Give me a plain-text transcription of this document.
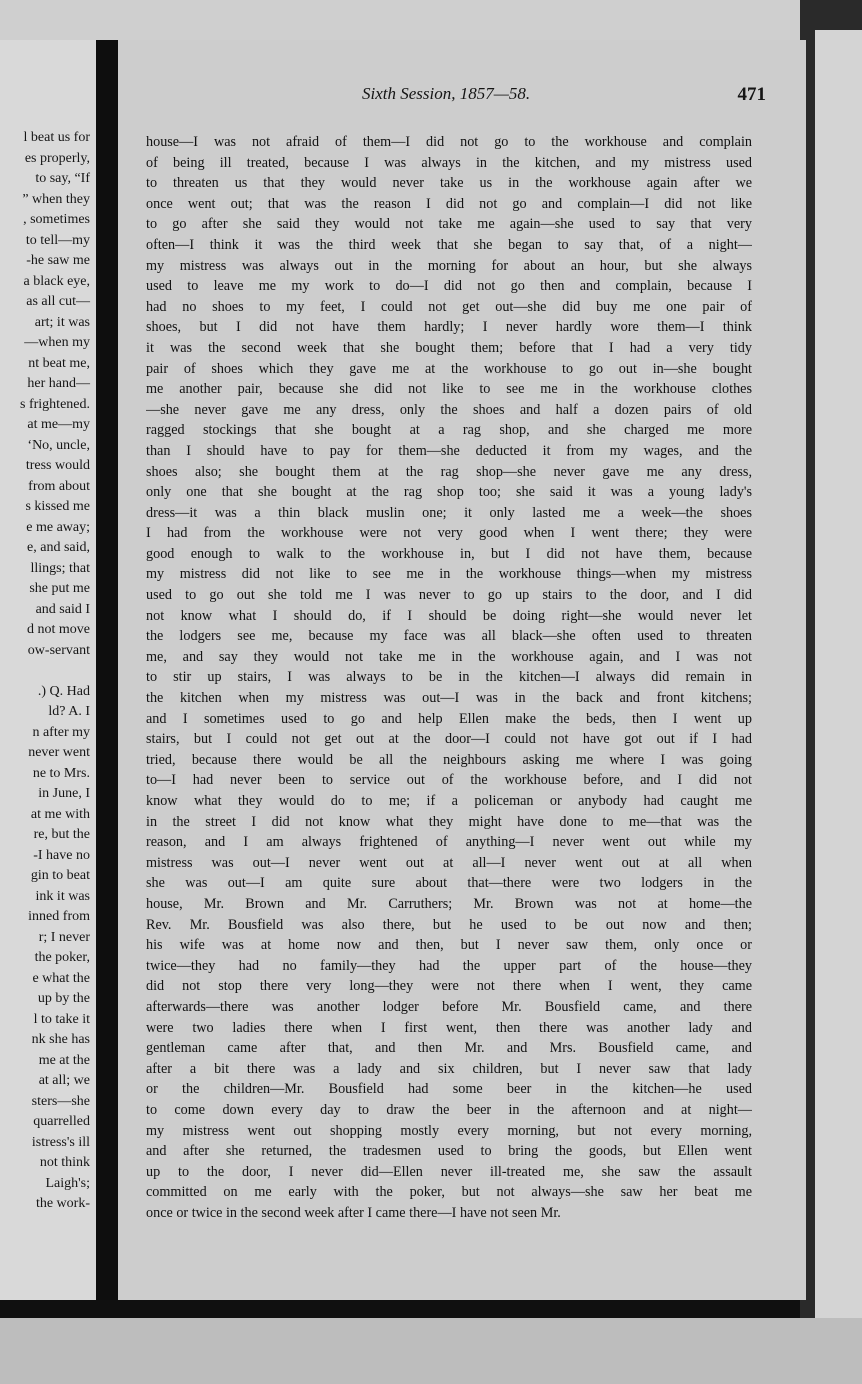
l beat us for
es properly,
to say, “If
” when they
, sometimes
to tell—my
-he saw me
a black eye,
as all cut—
art; it was
—when my
nt beat me,
her hand—
s frightened.
at me—my
‘No, uncle,
tress would
from about
s kissed me
e me away;
e, and said,
llings; that
she put me
and said I
d not move
ow-servant
.) Q. Had
ld? A. I
n after my
never went
ne to Mrs.
in June, I
at me with
re, but the
-I have no
gin to beat
ink it was
inned from
r; I never
the poker,
e what the
up by the
l to take it
nk she has
me at the
at all; we
sters—she
quarrelled
istress's ill
not think
Laigh's;
the work-
Sixth Session, 1857—58.	471
house—I was not afraid of them—I did not go to the workhouse and complain
of being ill treated, because I was always in the kitchen, and my mistress used
to threaten us that they would never take us in the workhouse again after we
once went out; that was the reason I did not go and complain—I did not like
to go after she said they would not take me again—she used to say that very
often—I think it was the third week that she began to say that, of a night—
my mistress was always out in the morning for about an hour, but she always
used to leave me my work to do—I did not go then and complain, because I
had no shoes to my feet, I could not get out—she did buy me one pair of
shoes, but I did not have them hardly; I never hardly wore them—I think
it was the second week that she bought them; before that I had a very tidy
pair of shoes which they gave me at the workhouse to go out in—she bought
me another pair, because she did not like to see me in the workhouse clothes
—she never gave me any dress, only the shoes and half a dozen pairs of old
ragged stockings that she bought at a rag shop, and she charged me more
than I should have to pay for them—she deducted it from my wages, and the
shoes also; she bought them at the rag shop—she never gave me any dress,
only one that she bought at the rag shop too; she said it was a young lady's
dress—it was a thin black muslin one; it only lasted me a week—the shoes
I had from the workhouse were not very good when I went there; they were
good enough to walk to the workhouse in, but I did not have them, because
my mistress did not like to see me in the workhouse things—when my mistress
used to go out she told me I was never to go up stairs to the door, and I did
not know what I should do, if I should be doing right—she would never let
the lodgers see me, because my face was all black—she often used to threaten
me, and say they would not take me in the workhouse again, and I was not
to stir up stairs, I was always to be in the kitchen—I always did remain in
the kitchen when my mistress was out—I was in the back and front kitchens;
and I sometimes used to go and help Ellen make the beds, then I went up
stairs, but I could not get out at the door—I could not have got out if I had
tried, because there would be all the neighbours asking me where I was going
to—I had never been to service out of the workhouse before, and I did not
know what they would do to me; if a policeman or anybody had caught me
in the street I did not know what they might have done to me—that was the
reason, and I am always frightened of anything—I never went out while my
mistress was out—I never went out at all—I never went out at all when
she was out—I am quite sure about that—there were two lodgers in the
house, Mr. Brown and Mr. Carruthers; Mr. Brown was not at home—the
Rev. Mr. Bousfield was also there, but he used to be out now and then;
his wife was at home now and then, but I never saw them, only once or
twice—they had no family—they had the upper part of the house—they
did not stop there very long—they were not there when I went, they came
afterwards—there was another lodger before Mr. Bousfield came, and there
were two ladies there when I first went, then there was another lady and
gentleman came after that, and then Mr. and Mrs. Bousfield came, and
after a bit there was a lady and six children, but I never saw that lady
or the children—Mr. Bousfield had some beer in the kitchen—he used
to come down every day to draw the beer in the afternoon and at night—
my mistress went out shopping mostly every morning, but not every morning,
and after she returned, the tradesmen used to bring the goods, but Ellen went
up to the door, I never did—Ellen never ill-treated me, she saw the assault
committed on me early with the poker, but not always—she saw her beat me
once or twice in the second week after I came there—I have not seen Mr.
